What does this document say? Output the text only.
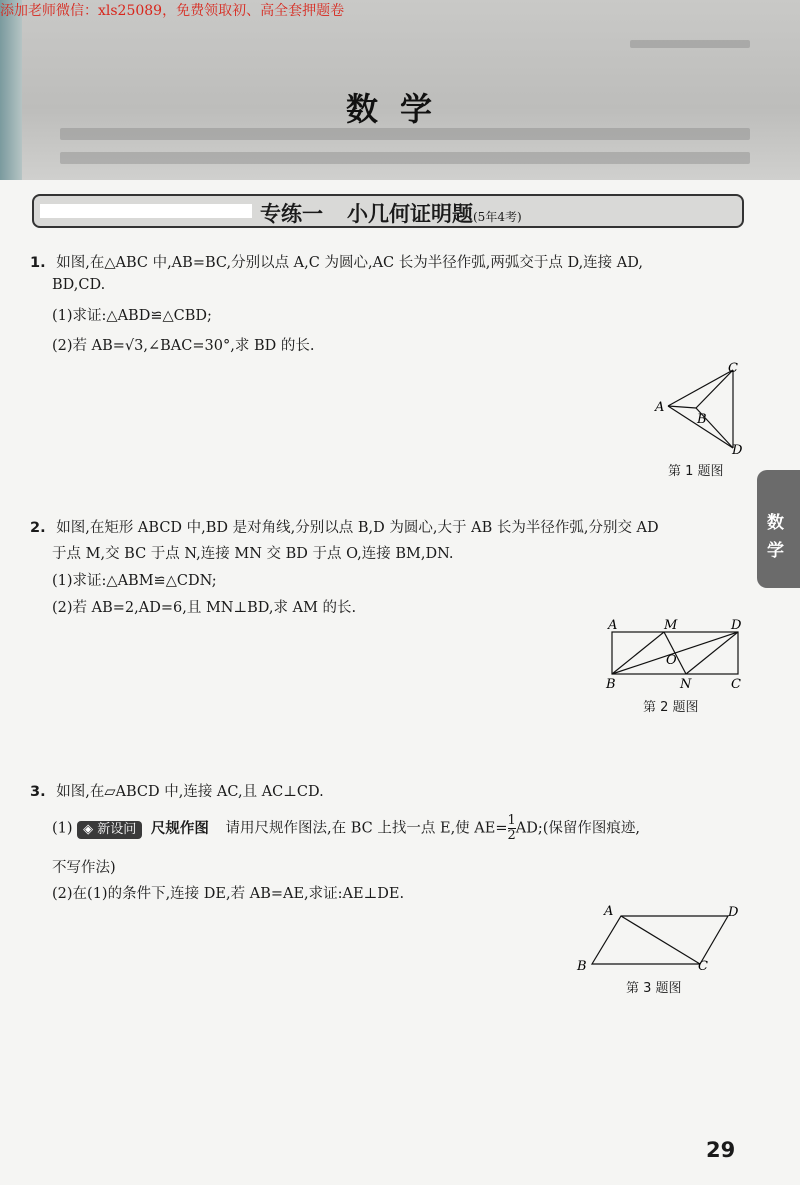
添加老师微信：xls25089，免费领取初、高全套押题卷
数学
专练一 小几何证明题(5年4考)
1. 如图,在△ABC 中,AB=BC,分别以点 A,C 为圆心,AC 长为半径作弧,两弧交于点 D,连接 AD,
BD,CD.
(1)求证:△ABD≌△CBD;
(2)若 AB=√3,∠BAC=30°,求 BD 的长.
A
B
C
D
第 1 题图
2. 如图,在矩形 ABCD 中,BD 是对角线,分别以点 B,D 为圆心,大于 AB 长为半径作弧,分别交 AD
于点 M,交 BC 于点 N,连接 MN 交 BD 于点 O,连接 BM,DN.
(1)求证:△ABM≌△CDN;
(2)若 AB=2,AD=6,且 MN⊥BD,求 AM 的长.
A	M	D
O
B	N	C
第 2 题图
3. 如图,在▱ABCD 中,连接 AC,且 AC⊥CD.
(1) ◈ 新设问 尺规作图 请用尺规作图法,在 BC 上找一点 E,使 $AE= \frac{1}{2}$ AD;(保留作图痕迹,
不写作法)
(2)在(1)的条件下,连接 DE,若 AB=AE,求证:AE⊥DE.
A	D
B	C
第 3 题图
数
学
29
